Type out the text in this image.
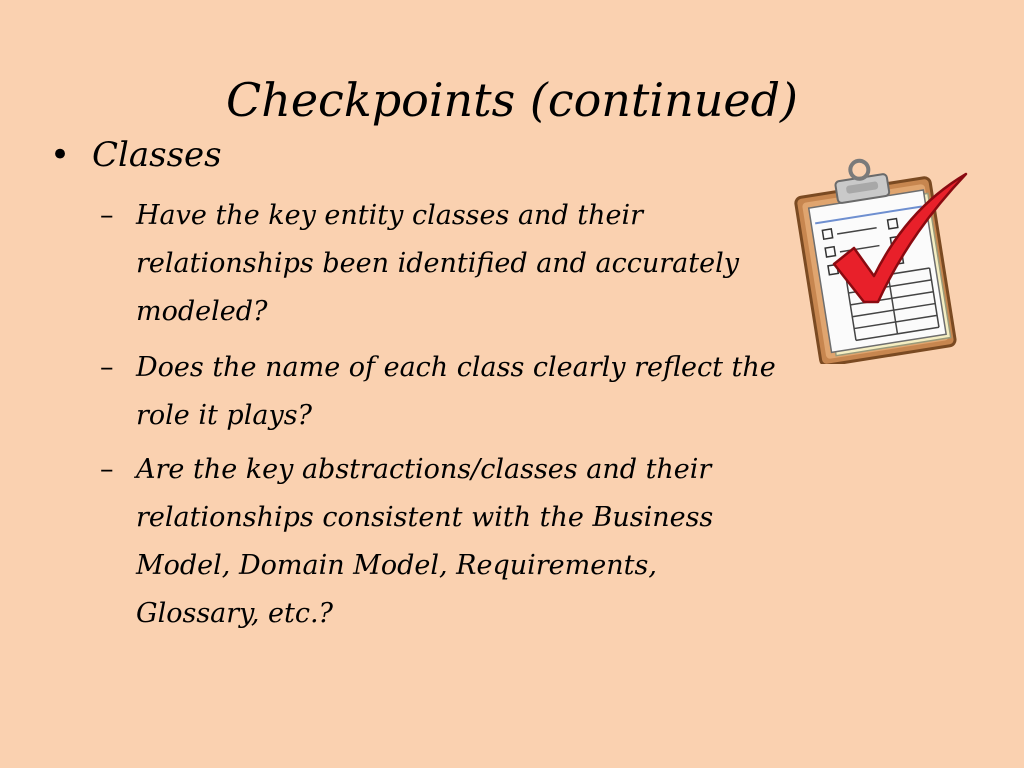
Checkpoints (continued)
• Classes
– Have the key entity classes and their relationships been identified and accurately modeled?
– Does the name of each class clearly reflect the role it plays?
– Are the key abstractions/classes and their relationships consistent with the Business Model, Domain Model, Requirements, Glossary, etc.?
